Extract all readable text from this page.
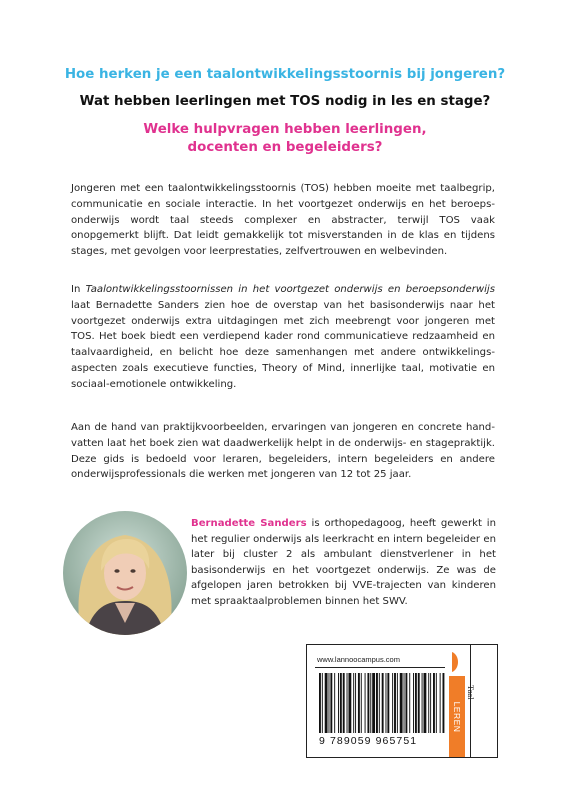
Hoe herken je een taalontwikkelingsstoornis bij jongeren?
Wat hebben leerlingen met TOS nodig in les en stage?
Welke hulpvragen hebben leerlingen,
docenten en begeleiders?

Jongeren met een taalontwikkelingsstoornis (TOS) hebben moeite met taalbegrip, communicatie en sociale interactie. In het voortgezet onderwijs en het beroepsonderwijs wordt taal steeds complexer en abstracter, terwijl TOS vaak onopgemerkt blijft. Dat leidt gemakkelijk tot misverstanden in de klas en tijdens stages, met gevolgen voor leerprestaties, zelfvertrouwen en welbevinden.

In Taalontwikkelingsstoornissen in het voortgezet onderwijs en beroepsonderwijs laat Bernadette Sanders zien hoe de overstap van het basisonderwijs naar het voortgezet onderwijs extra uitdagingen met zich meebrengt voor jongeren met TOS. Het boek biedt een verdiepend kader rond communicatieve redzaamheid en taalvaardigheid, en belicht hoe deze samenhangen met andere ontwikkelingsaspecten zoals executieve functies, Theory of Mind, innerlijke taal, motivatie en sociaal-emotionele ontwikkeling.

Aan de hand van praktijkvoorbeelden, ervaringen van jongeren en concrete handvatten laat het boek zien wat daadwerkelijk helpt in de onderwijs- en stagepraktijk. Deze gids is bedoeld voor leraren, begeleiders, intern begeleiders en andere onderwijsprofessionals die werken met jongeren van 12 tot 25 jaar.

Bernadette Sanders is orthopedagoog, heeft gewerkt in het regulier onderwijs als leerkracht en intern begeleider en later bij cluster 2 als ambulant dienstverlener in het basisonderwijs en het voortgezet onderwijs. Ze was de afgelopen jaren betrokken bij VVE-trajecten van kinderen met spraaktaalproblemen binnen het SWV.

www.lannoocampus.com
LEREN
Taal
9 789059 965751
